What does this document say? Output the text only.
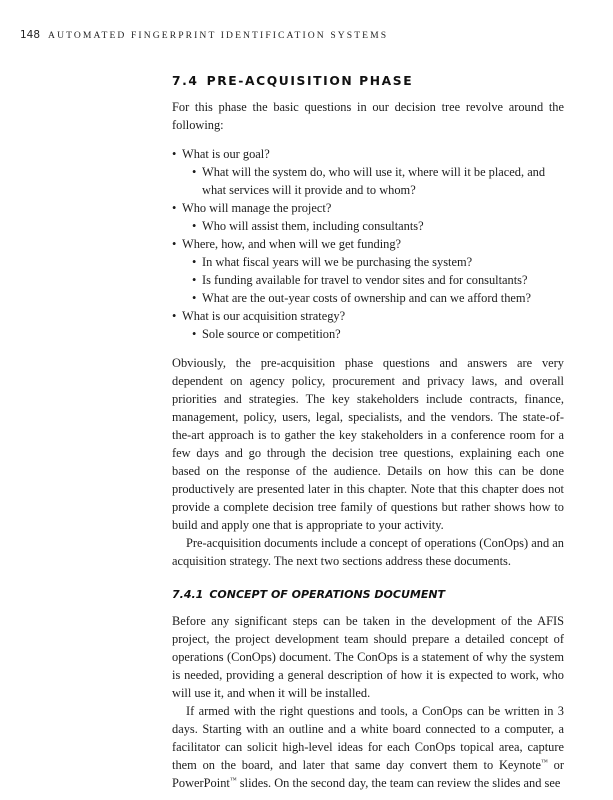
148 AUTOMATED FINGERPRINT IDENTIFICATION SYSTEMS
7.4 PRE-ACQUISITION PHASE

For this phase the basic questions in our decision tree revolve around the following:

• What is our goal?
• What will the system do, who will use it, where will it be placed, and what services will it provide and to whom?
• Who will manage the project?
• Who will assist them, including consultants?
• Where, how, and when will we get funding?
• In what fiscal years will we be purchasing the system?
• Is funding available for travel to vendor sites and for consultants?
• What are the out-year costs of ownership and can we afford them?
• What is our acquisition strategy?
• Sole source or competition?

Obviously, the pre-acquisition phase questions and answers are very dependent on agency policy, procurement and privacy laws, and overall priorities and strategies. The key stakeholders include contracts, finance, management, policy, users, legal, specialists, and the vendors. The state-of-the-art approach is to gather the key stakeholders in a conference room for a few days and go through the decision tree questions, explaining each one based on the response of the audience. Details on how this can be done productively are presented later in this chapter. Note that this chapter does not provide a complete decision tree family of questions but rather shows how to build and apply one that is appropriate to your activity.

Pre-acquisition documents include a concept of operations (ConOps) and an acquisition strategy. The next two sections address these documents.

7.4.1 CONCEPT OF OPERATIONS DOCUMENT

Before any significant steps can be taken in the development of the AFIS project, the project development team should prepare a detailed concept of operations (ConOps) document. The ConOps is a statement of why the system is needed, providing a general description of how it is expected to work, who will use it, and when it will be installed.

If armed with the right questions and tools, a ConOps can be written in 3 days. Starting with an outline and a white board connected to a computer, a facilitator can solicit high-level ideas for each ConOps topical area, capture them on the board, and later that same day convert them to Keynote™ or PowerPoint™ slides. On the second day, the team can review the slides and see
